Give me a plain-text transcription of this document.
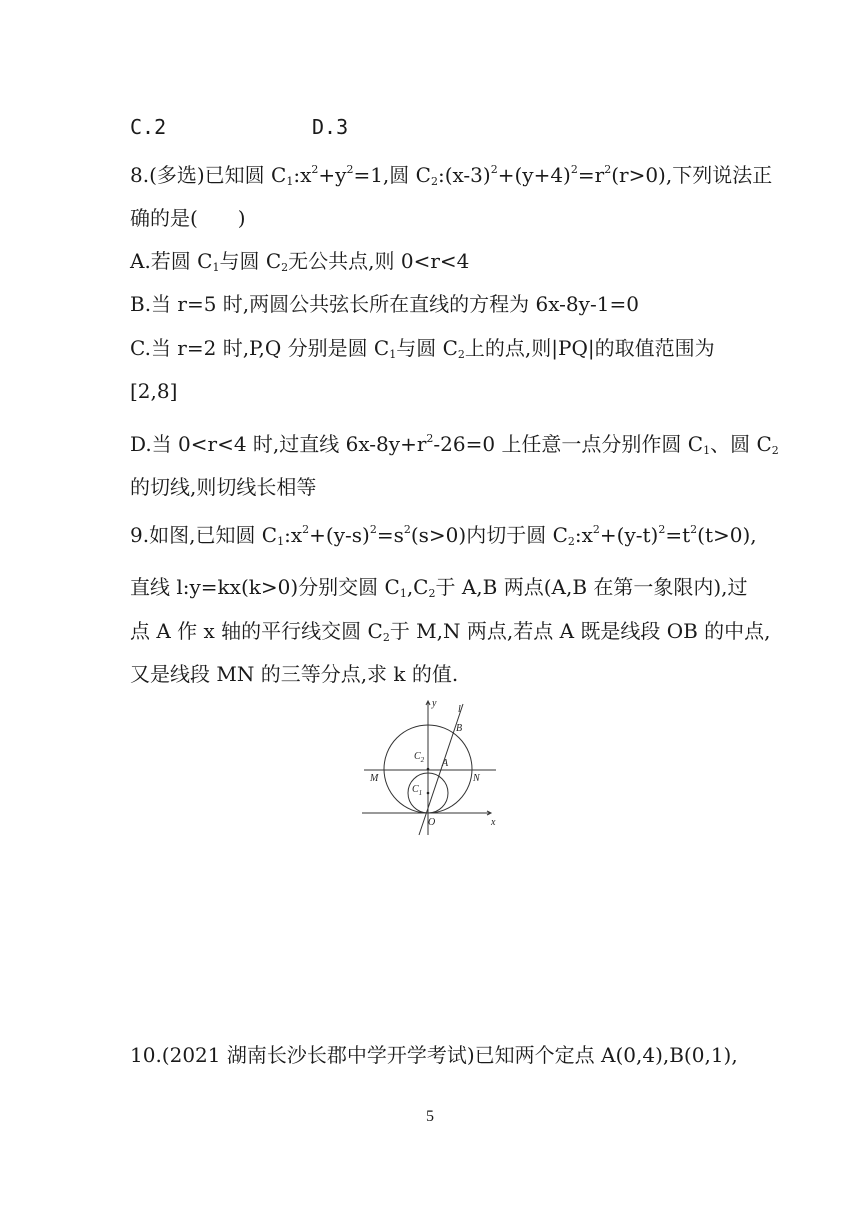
C.2	D.3
8.(多选)已知圆 $C_1:x^2+y^2=1$,圆 $C_2:(x-3)^2+(y+4)^2=r^2(r>0)$,下列说法正
确的是(　　)
A.若圆 $C_1$与圆 $C_2$无公共点,则 0<r<4
B.当 r=5 时,两圆公共弦长所在直线的方程为 6x-8y-1=0
C.当 r=2 时,P,Q 分别是圆 $C_1$与圆 $C_2$上的点,则|PQ|的取值范围为
[2,8]
D.当 0<r<4 时,过直线 $6x-8y+r^2-26=0$ 上任意一点分别作圆 $C_1$、圆 $C_2$
的切线,则切线长相等
9.如图,已知圆 $C_1:x^2+(y-s)^2=s^2(s>0)$内切于圆 $C_2:x^2+(y-t)^2=t^2(t>0)$,
直线 l:y=kx(k>0)分别交圆 $C_1,C_2$于 A,B 两点(A,B 在第一象限内),过
点 A 作 x 轴的平行线交圆 $C_2$于 M,N 两点,若点 A 既是线段 OB 的中点,
又是线段 MN 的三等分点,求 k 的值.
y
l
B
$C_2$ A
M	N
$C_1$
O	x
10.(2021 湖南长沙长郡中学开学考试)已知两个定点 A(0,4),B(0,1),
5
